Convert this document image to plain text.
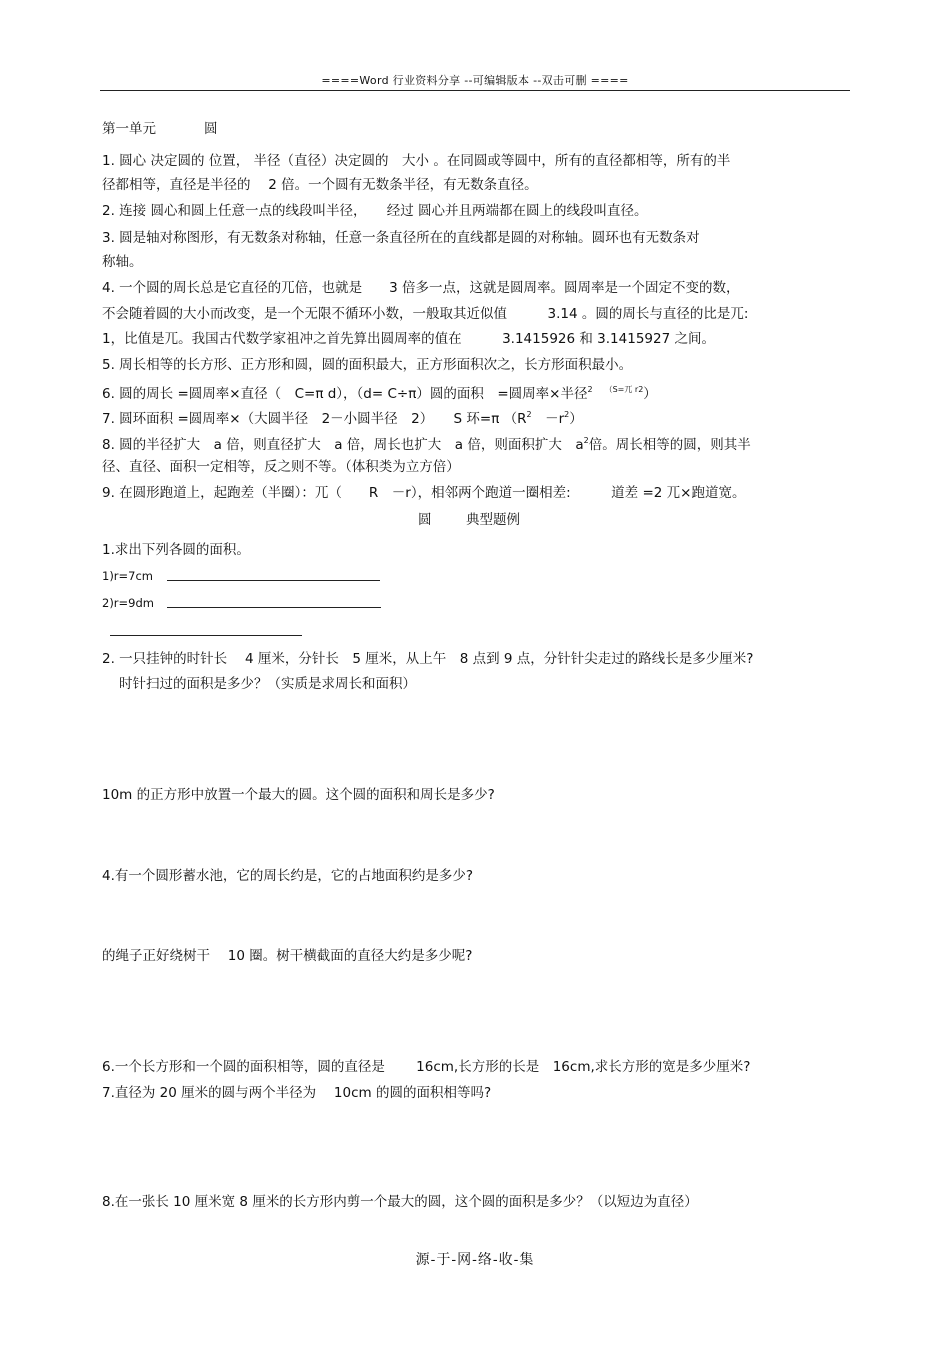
====Word 行业资料分享 --可编辑版本 --双击可删 ====
第一单元	圆
1. 圆心 决定圆的 位置， 半径（直径）决定圆的　大小 。在同圆或等圆中，所有的直径都相等，所有的半
径都相等，直径是半径的　 2 倍。一个圆有无数条半径，有无数条直径。
2. 连接 圆心和圆上任意一点的线段叫半径，　　经过 圆心并且两端都在圆上的线段叫直径。
3. 圆是轴对称图形，有无数条对称轴，任意一条直径所在的直线都是圆的对称轴。圆环也有无数条对
称轴。
4. 一个圆的周长总是它直径的兀倍，也就是　　3 倍多一点，这就是圆周率。圆周率是一个固定不变的数，
不会随着圆的大小而改变，是一个无限不循环小数，一般取其近似值　　　3.14 。圆的周长与直径的比是兀:
1，比值是兀。我国古代数学家祖冲之首先算出圆周率的值在　　　3.1415926 和 3.1415927 之间。
5. 周长相等的长方形、正方形和圆，圆的面积最大，正方形面积次之，长方形面积最小。
6. 圆的周长 =圆周率×直径（　C=π d），（d= C÷π）圆的面积　=圆周率×半径$^{2 (S=兀 r2}$）
7. 圆环面积 =圆周率×（大圆半径　 2－小圆半径　2）　　S 环=π （$R^2$　$-r^2$）
8. 圆的半径扩大　a 倍，则直径扩大　a 倍，周长也扩大　a 倍，则面积扩大　$a^2$倍。周长相等的圆，则其半
径、直径、面积一定相等，反之则不等。（体积类为立方倍）
9. 在圆形跑道上，起跑差（半圈）：兀（　　R　－r），相邻两个跑道一圈相差:　　　道差 =2 兀×跑道宽。
圆	典型题例
1.求出下列各圆的面积。
1)r=7cm
2)r=9dm
2. 一只挂钟的时针长　 4 厘米，分针长　5 厘米，从上午　8 点到 9 点，分针针尖走过的路线长是多少厘米?
时针扫过的面积是多少？（实质是求周长和面积）
10m 的正方形中放置一个最大的圆。这个圆的面积和周长是多少?
4.有一个圆形蓄水池，它的周长约是，它的占地面积约是多少?
的绳子正好绕树干　 10 圈。树干横截面的直径大约是多少呢?
6.一个长方形和一个圆的面积相等，圆的直径是　　 16cm,长方形的长是　16cm,求长方形的宽是多少厘米?
7.直径为 20 厘米的圆与两个半径为　 10cm 的圆的面积相等吗?
8.在一张长 10 厘米宽 8 厘米的长方形内剪一个最大的圆，这个圆的面积是多少？（以短边为直径）
源-于-网-络-收-集
